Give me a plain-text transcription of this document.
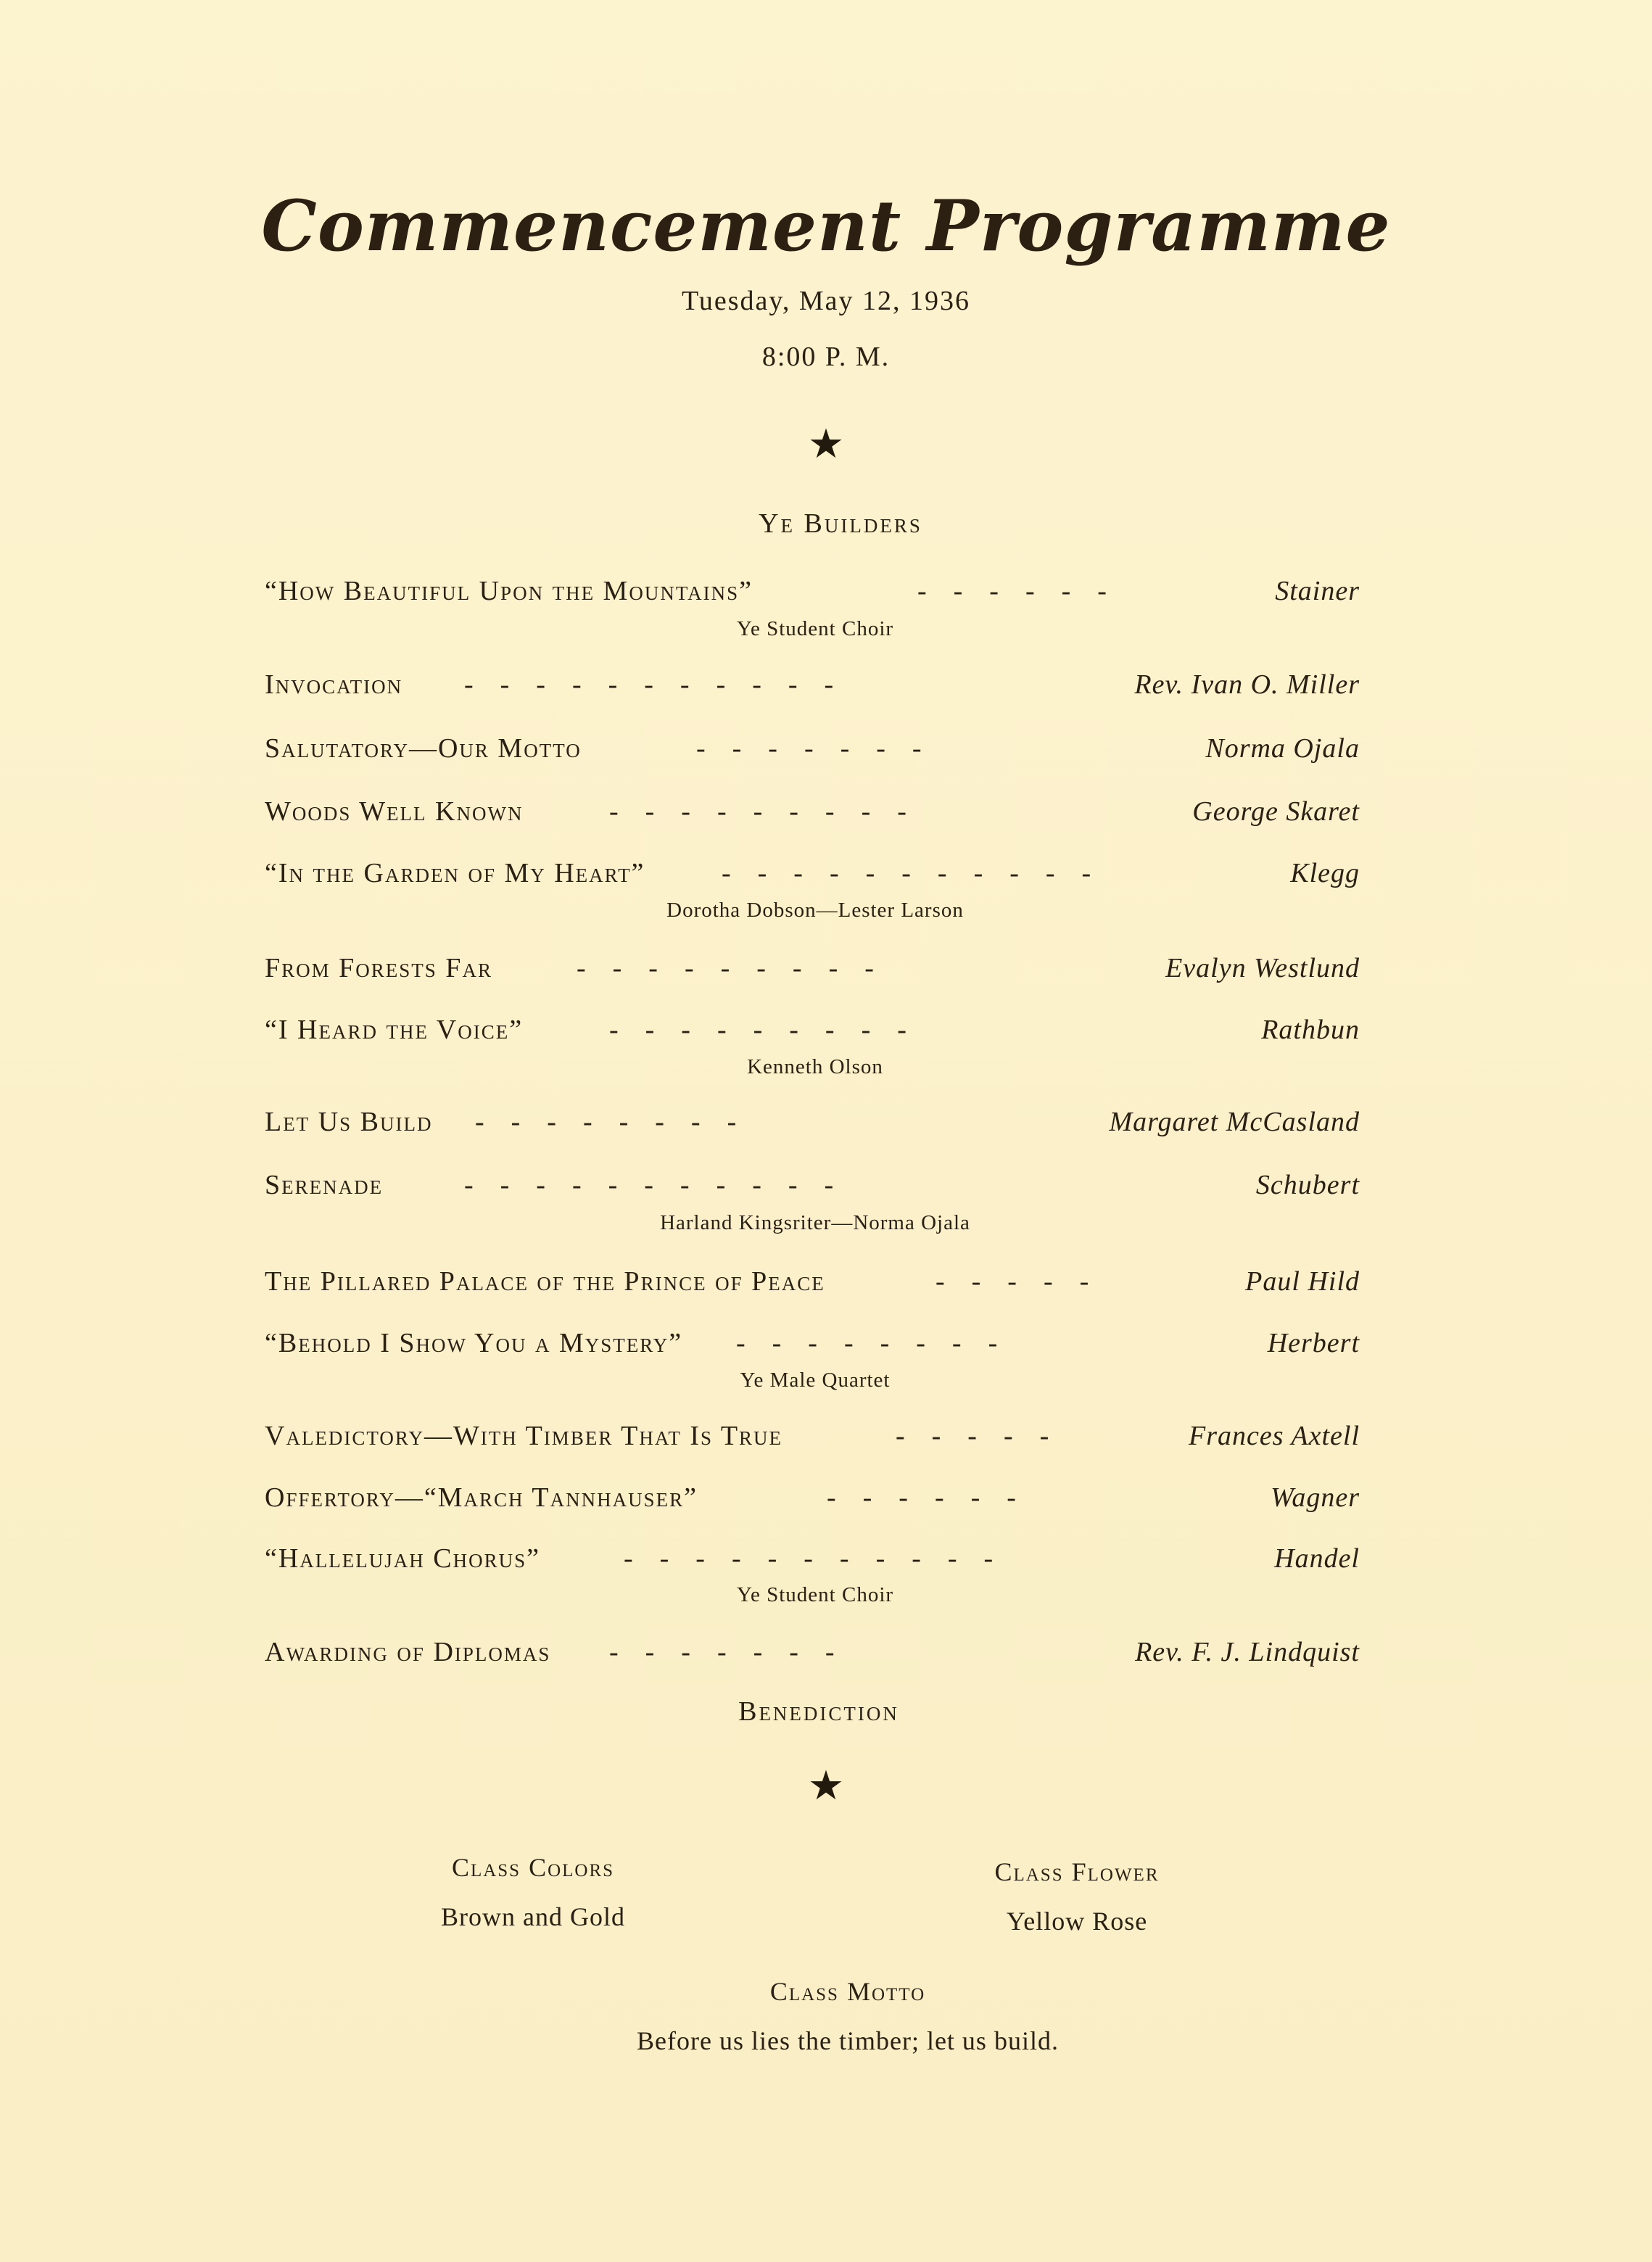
Commencement Programme
Tuesday, May 12, 1936
8:00 P. M.
★
Ye Builders
“How Beautiful Upon the Mountains”	------	Stainer
Ye Student Choir
Invocation -----------	Rev. Ivan O. Miller
Salutatory—Our Motto	-------	Norma Ojala
Woods Well Known	---------	George Skaret
“In the Garden of My Heart”	-----------	Klegg
Dorotha Dobson—Lester Larson
From Forests Far	---------	Evalyn Westlund
“I Heard the Voice”	---------	Rathbun
Kenneth Olson
Let Us Build --------	Margaret McCasland
Serenade	-----------	Schubert
Harland Kingsriter—Norma Ojala
The Pillared Palace of the Prince of Peace	-----	Paul Hild
“Behold I Show You a Mystery” --------	Herbert
Ye Male Quartet
Valedictory—With Timber That Is True	-----	Frances Axtell
Offertory—“March Tannhauser”	------	Wagner
“Hallelujah Chorus”	-----------	Handel
Ye Student Choir
Awarding of Diplomas -------	Rev. F. J. Lindquist
Benediction
★
Class Colors
Brown and Gold
Class Flower
Yellow Rose
Class Motto
Before us lies the timber; let us build.
